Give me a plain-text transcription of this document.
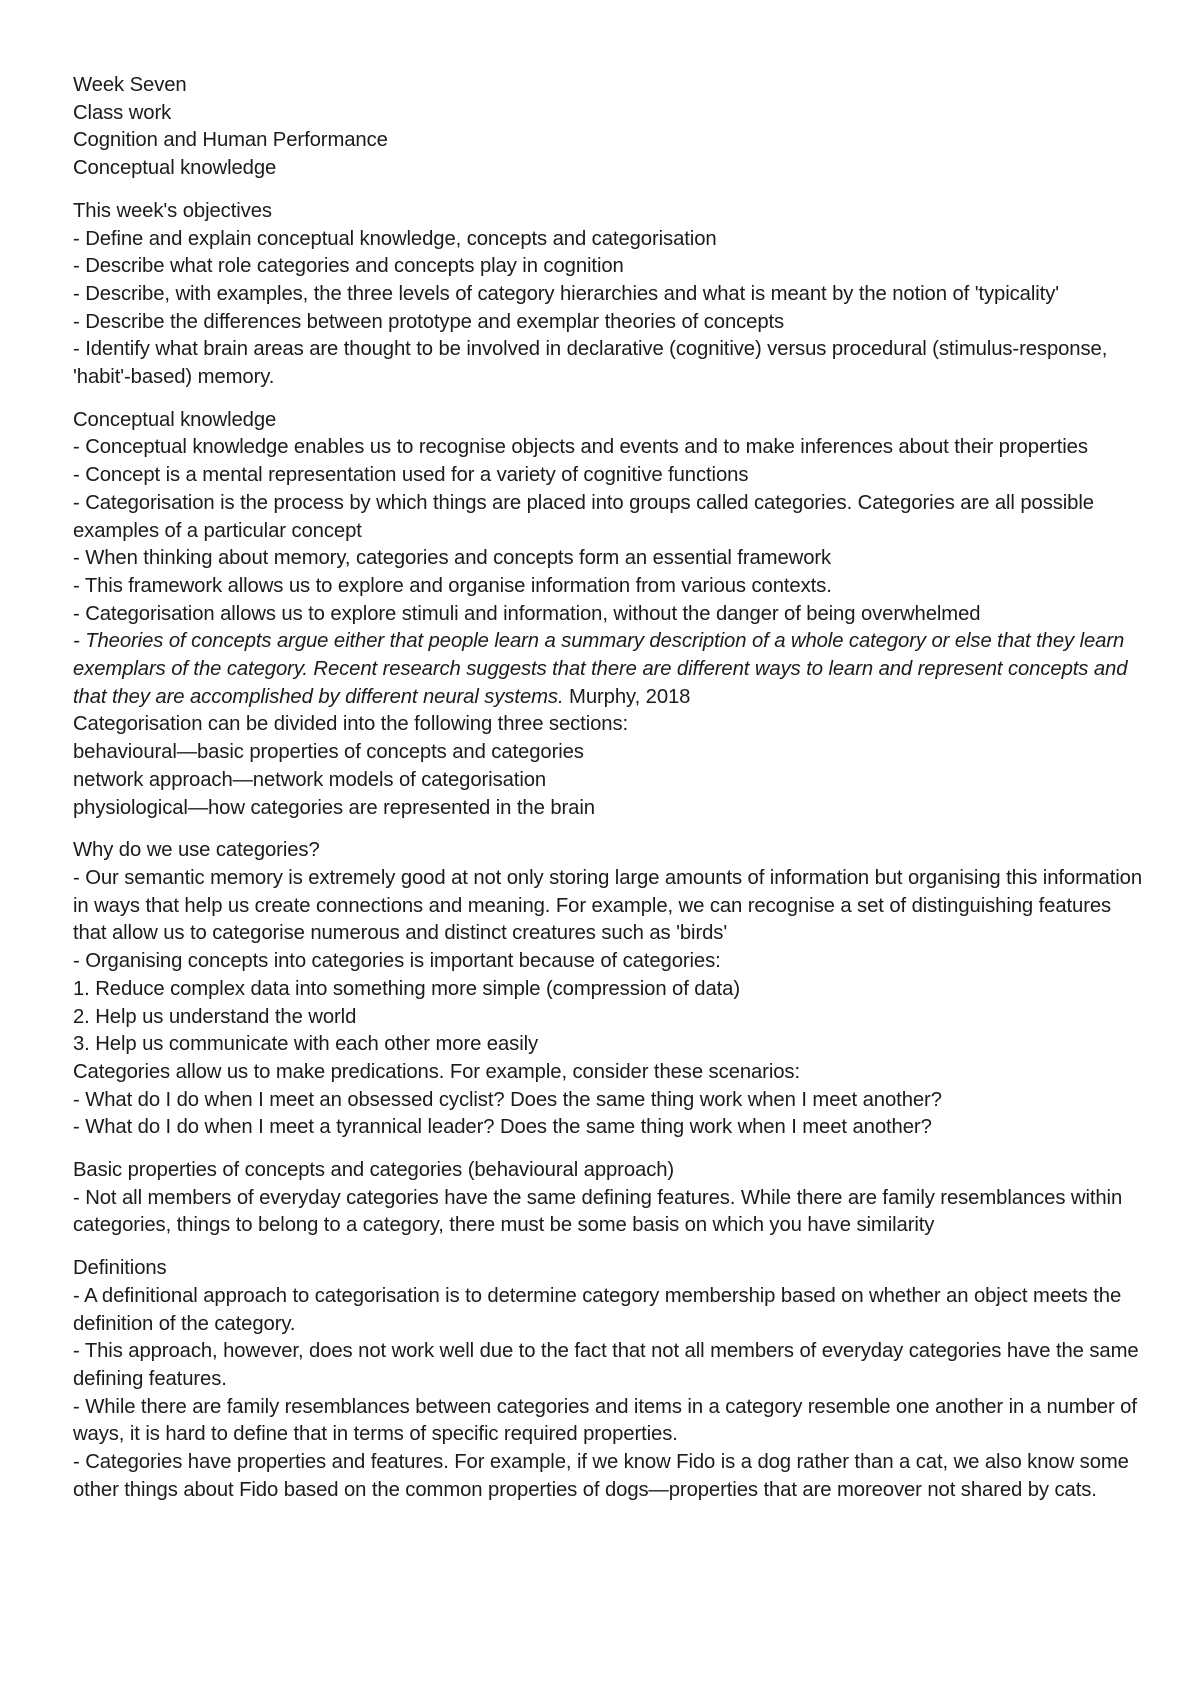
Week Seven
Class work
Cognition and Human Performance
Conceptual knowledge
This week's objectives
- Define and explain conceptual knowledge, concepts and categorisation
- Describe what role categories and concepts play in cognition
- Describe, with examples, the three levels of category hierarchies and what is meant by the notion of 'typicality'
- Describe the differences between prototype and exemplar theories of concepts
- Identify what brain areas are thought to be involved in declarative (cognitive) versus procedural (stimulus-response, 'habit'-based) memory.
Conceptual knowledge
- Conceptual knowledge enables us to recognise objects and events and to make inferences about their properties
- Concept is a mental representation used for a variety of cognitive functions
- Categorisation is the process by which things are placed into groups called categories. Categories are all possible examples of a particular concept
- When thinking about memory, categories and concepts form an essential framework
- This framework allows us to explore and organise information from various contexts.
- Categorisation allows us to explore stimuli and information, without the danger of being overwhelmed
- Theories of concepts argue either that people learn a summary description of a whole category or else that they learn exemplars of the category. Recent research suggests that there are different ways to learn and represent concepts and that they are accomplished by different neural systems. Murphy, 2018
Categorisation can be divided into the following three sections:
behavioural—basic properties of concepts and categories
network approach—network models of categorisation
physiological—how categories are represented in the brain
Why do we use categories?
- Our semantic memory is extremely good at not only storing large amounts of information but organising this information in ways that help us create connections and meaning. For example, we can recognise a set of distinguishing features that allow us to categorise numerous and distinct creatures such as 'birds'
- Organising concepts into categories is important because of categories:
1. Reduce complex data into something more simple (compression of data)
2. Help us understand the world
3. Help us communicate with each other more easily
Categories allow us to make predications. For example, consider these scenarios:
- What do I do when I meet an obsessed cyclist? Does the same thing work when I meet another?
- What do I do when I meet a tyrannical leader? Does the same thing work when I meet another?
Basic properties of concepts and categories (behavioural approach)
- Not all members of everyday categories have the same defining features. While there are family resemblances within categories, things to belong to a category, there must be some basis on which you have similarity
Definitions
- A definitional approach to categorisation is to determine category membership based on whether an object meets the definition of the category.
- This approach, however, does not work well due to the fact that not all members of everyday categories have the same defining features.
- While there are family resemblances between categories and items in a category resemble one another in a number of ways, it is hard to define that in terms of specific required properties.
- Categories have properties and features. For example, if we know Fido is a dog rather than a cat, we also know some other things about Fido based on the common properties of dogs—properties that are moreover not shared by cats.
